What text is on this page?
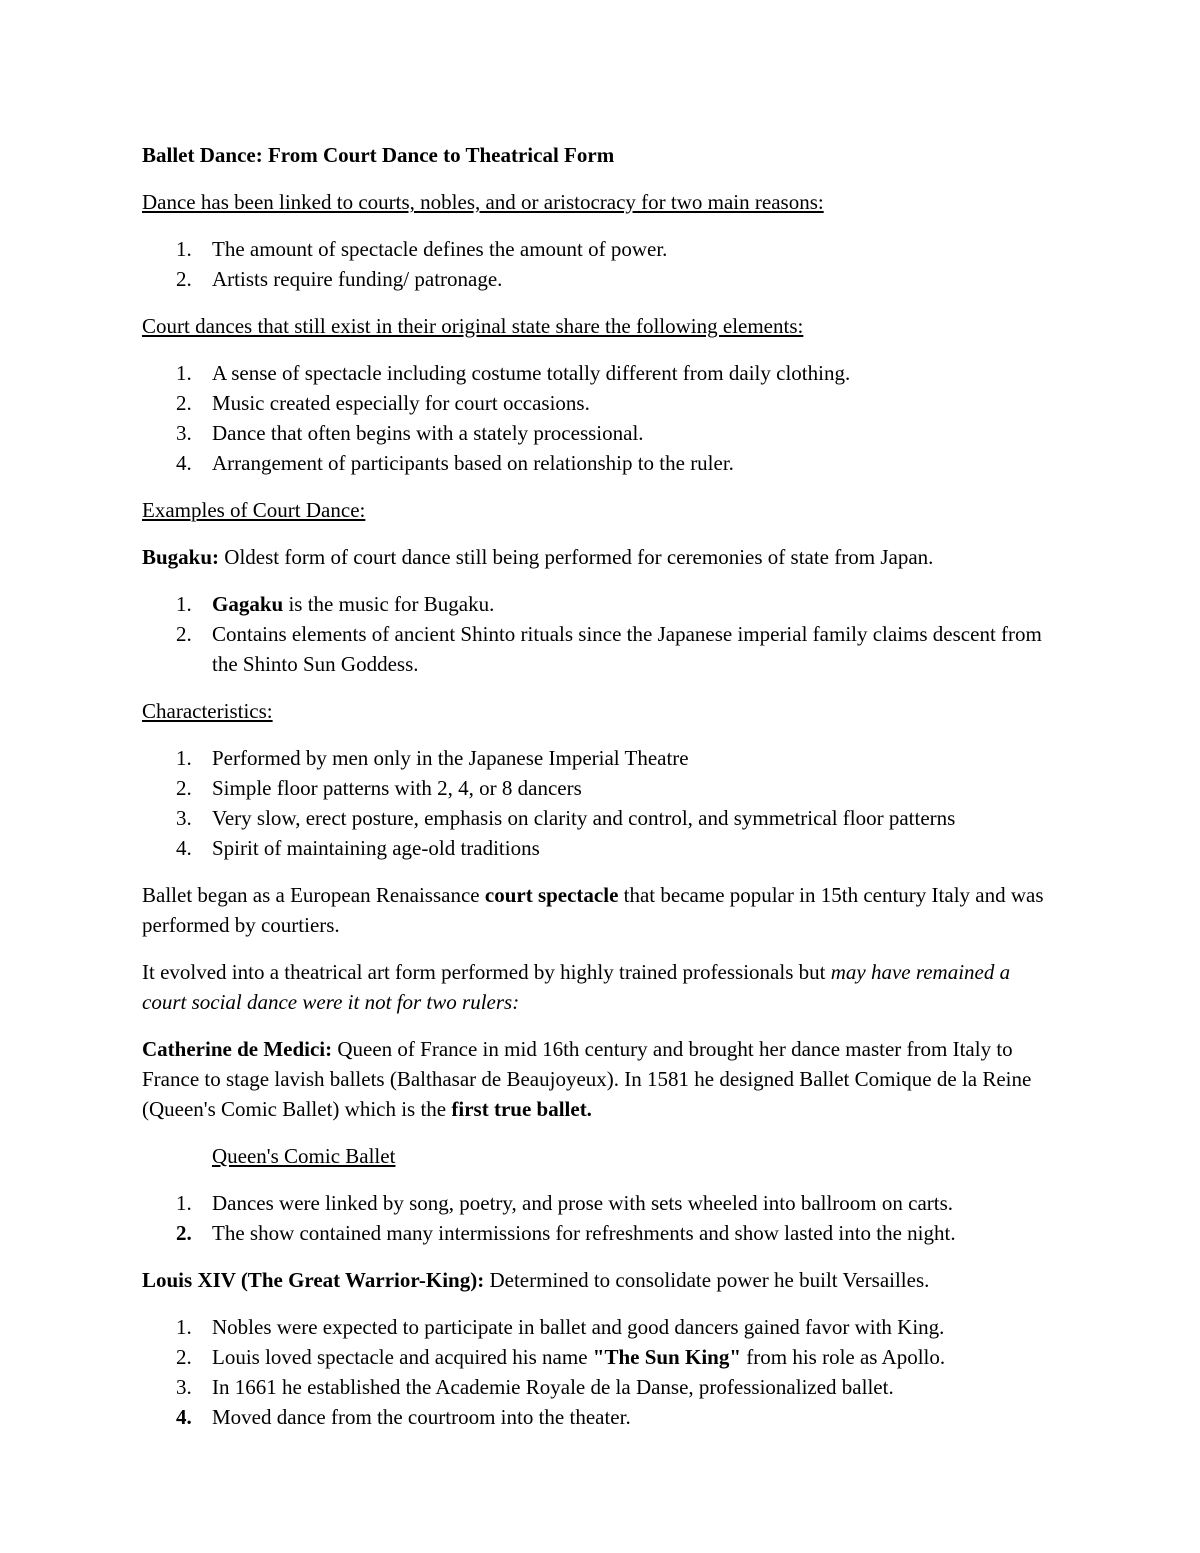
Ballet Dance: From Court Dance to Theatrical Form

Dance has been linked to courts, nobles, and or aristocracy for two main reasons:

1. The amount of spectacle defines the amount of power.
2. Artists require funding/ patronage.

Court dances that still exist in their original state share the following elements:

1. A sense of spectacle including costume totally different from daily clothing.
2. Music created especially for court occasions.
3. Dance that often begins with a stately processional.
4. Arrangement of participants based on relationship to the ruler.

Examples of Court Dance:

Bugaku: Oldest form of court dance still being performed for ceremonies of state from Japan.

1. Gagaku is the music for Bugaku.
2. Contains elements of ancient Shinto rituals since the Japanese imperial family claims descent from the Shinto Sun Goddess.

Characteristics:

1. Performed by men only in the Japanese Imperial Theatre
2. Simple floor patterns with 2, 4, or 8 dancers
3. Very slow, erect posture, emphasis on clarity and control, and symmetrical floor patterns
4. Spirit of maintaining age-old traditions

Ballet began as a European Renaissance court spectacle that became popular in 15th century Italy and was performed by courtiers.

It evolved into a theatrical art form performed by highly trained professionals but may have remained a court social dance were it not for two rulers:

Catherine de Medici: Queen of France in mid 16th century and brought her dance master from Italy to France to stage lavish ballets (Balthasar de Beaujoyeux). In 1581 he designed Ballet Comique de la Reine (Queen's Comic Ballet) which is the first true ballet.

Queen's Comic Ballet

1. Dances were linked by song, poetry, and prose with sets wheeled into ballroom on carts.
2. The show contained many intermissions for refreshments and show lasted into the night.

Louis XIV (The Great Warrior-King): Determined to consolidate power he built Versailles.

1. Nobles were expected to participate in ballet and good dancers gained favor with King.
2. Louis loved spectacle and acquired his name "The Sun King" from his role as Apollo.
3. In 1661 he established the Academie Royale de la Danse, professionalized ballet.
4. Moved dance from the courtroom into the theater.
